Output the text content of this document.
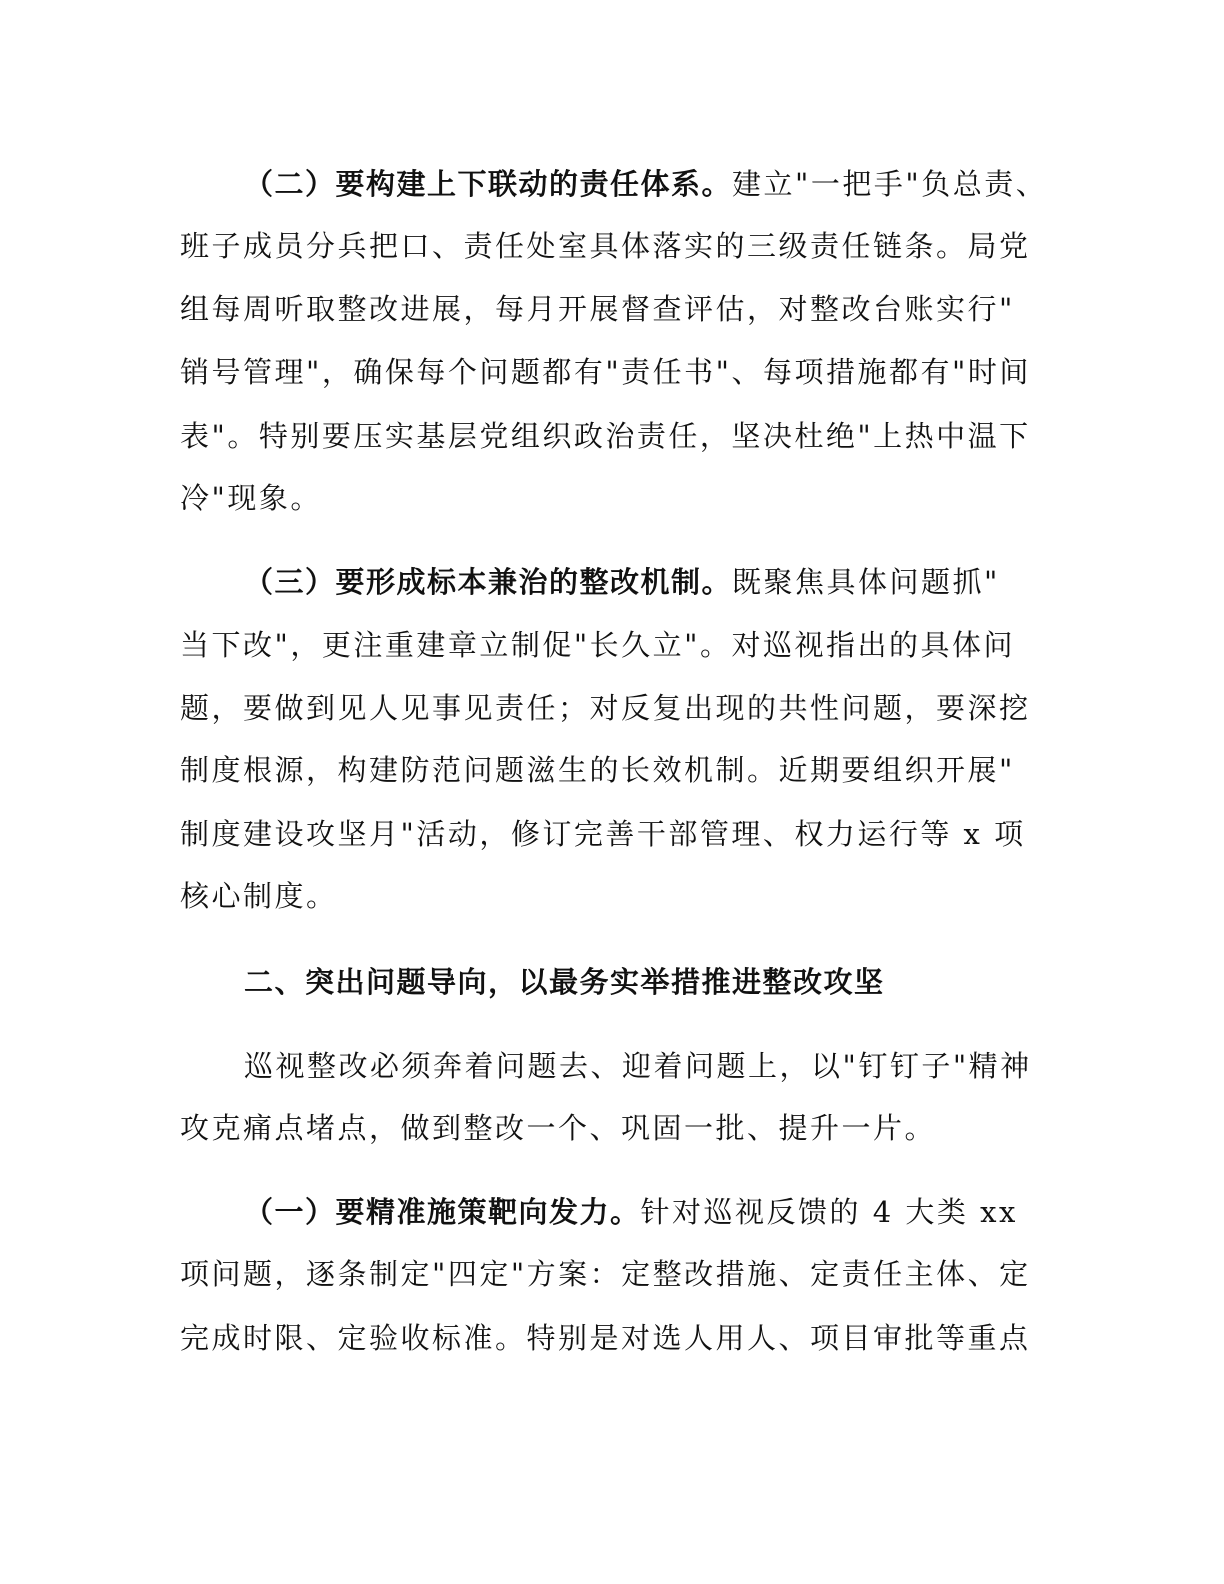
（二）要构建上下联动的责任体系。建立"一把手"负总责、
班子成员分兵把口、责任处室具体落实的三级责任链条。局党
组每周听取整改进展，每月开展督查评估，对整改台账实行"
销号管理"，确保每个问题都有"责任书"、每项措施都有"时间
表"。特别要压实基层党组织政治责任，坚决杜绝"上热中温下
冷"现象。
（三）要形成标本兼治的整改机制。既聚焦具体问题抓"
当下改"，更注重建章立制促"长久立"。对巡视指出的具体问
题，要做到见人见事见责任；对反复出现的共性问题，要深挖
制度根源，构建防范问题滋生的长效机制。近期要组织开展"
制度建设攻坚月"活动，修订完善干部管理、权力运行等 x 项
核心制度。
二、突出问题导向，以最务实举措推进整改攻坚
巡视整改必须奔着问题去、迎着问题上，以"钉钉子"精神
攻克痛点堵点，做到整改一个、巩固一批、提升一片。
（一）要精准施策靶向发力。针对巡视反馈的 4 大类 xx
项问题，逐条制定"四定"方案：定整改措施、定责任主体、定
完成时限、定验收标准。特别是对选人用人、项目审批等重点
